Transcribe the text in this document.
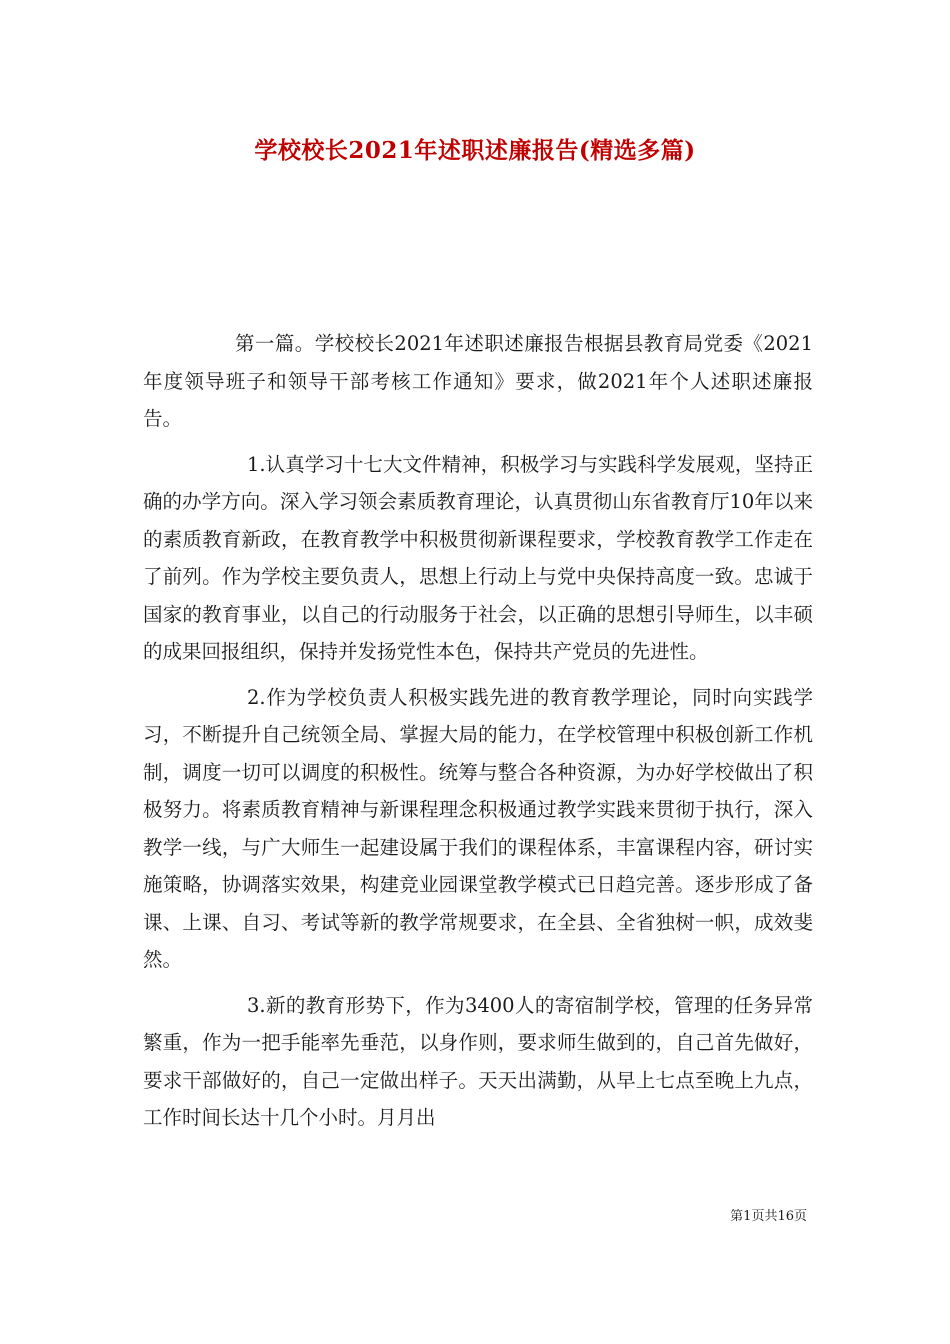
学校校长2021年述职述廉报告(精选多篇)

第一篇。学校校长2021年述职述廉报告根据县教育局党委《2021年度领导班子和领导干部考核工作通知》要求，做2021年个人述职述廉报告。

1.认真学习十七大文件精神，积极学习与实践科学发展观，坚持正确的办学方向。深入学习领会素质教育理论，认真贯彻山东省教育厅10年以来的素质教育新政，在教育教学中积极贯彻新课程要求，学校教育教学工作走在了前列。作为学校主要负责人，思想上行动上与党中央保持高度一致。忠诚于国家的教育事业，以自己的行动服务于社会，以正确的思想引导师生，以丰硕的成果回报组织，保持并发扬党性本色，保持共产党员的先进性。

2.作为学校负责人积极实践先进的教育教学理论，同时向实践学习，不断提升自己统领全局、掌握大局的能力，在学校管理中积极创新工作机制，调度一切可以调度的积极性。统筹与整合各种资源，为办好学校做出了积极努力。将素质教育精神与新课程理念积极通过教学实践来贯彻于执行，深入教学一线，与广大师生一起建设属于我们的课程体系，丰富课程内容，研讨实施策略，协调落实效果，构建竞业园课堂教学模式已日趋完善。逐步形成了备课、上课、自习、考试等新的教学常规要求，在全县、全省独树一帜，成效斐然。

3.新的教育形势下，作为3400人的寄宿制学校，管理的任务异常繁重，作为一把手能率先垂范，以身作则，要求师生做到的，自己首先做好，要求干部做好的，自己一定做出样子。天天出满勤，从早上七点至晚上九点，工作时间长达十几个小时。月月出

第1页共16页
